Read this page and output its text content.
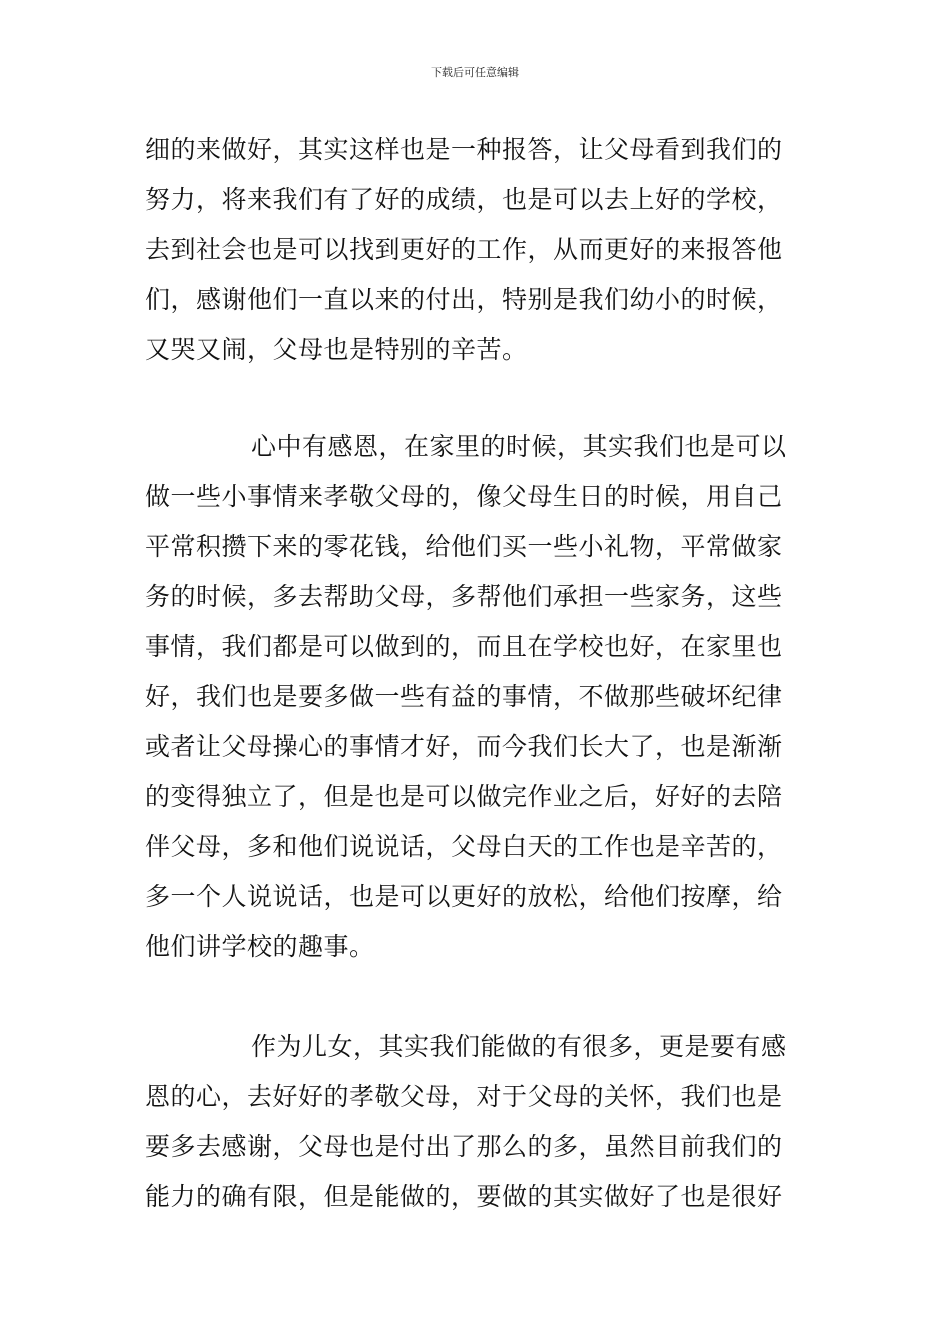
下载后可任意编辑
细的来做好，其实这样也是一种报答，让父母看到我们的
努力，将来我们有了好的成绩，也是可以去上好的学校，
去到社会也是可以找到更好的工作，从而更好的来报答他
们，感谢他们一直以来的付出，特别是我们幼小的时候，
又哭又闹，父母也是特别的辛苦。
心中有感恩，在家里的时候，其实我们也是可以
做一些小事情来孝敬父母的，像父母生日的时候，用自己
平常积攒下来的零花钱，给他们买一些小礼物，平常做家
务的时候，多去帮助父母，多帮他们承担一些家务，这些
事情，我们都是可以做到的，而且在学校也好，在家里也
好，我们也是要多做一些有益的事情，不做那些破坏纪律
或者让父母操心的事情才好，而今我们长大了，也是渐渐
的变得独立了，但是也是可以做完作业之后，好好的去陪
伴父母，多和他们说说话，父母白天的工作也是辛苦的，
多一个人说说话，也是可以更好的放松，给他们按摩，给
他们讲学校的趣事。
作为儿女，其实我们能做的有很多，更是要有感
恩的心，去好好的孝敬父母，对于父母的关怀，我们也是
要多去感谢，父母也是付出了那么的多，虽然目前我们的
能力的确有限，但是能做的，要做的其实做好了也是很好
